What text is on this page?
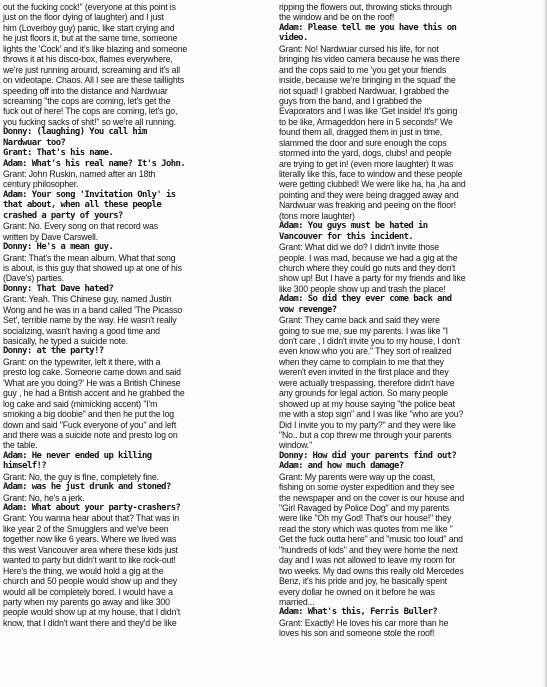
out the fucking cock!" (everyone at this point is
just on the floor dying of laughter) and I just
him (Loverboy guy) panic, like start crying and
he just floors it, but at the same time, someone
lights the 'Cock' and it's like blazing and someone
throws it at his disco-box, flames everywhere,
we're just running around, screaming and it's all
on videotape. Chaos. All I see are these taillights
speeding off into the distance and Nardwuar
screaming "the cops are coming, let's get the
fuck out of here! The cops are coming, let's go,
you fucking sacks of shit!" so we're all running.
Donny: (laughing) You call him
Nardwuar too?
Grant: That's his name.
Adam: What's his real name? It's John.
Grant: John Ruskin, named after an 18th
century philosopher.
Adam: Your song 'Invitation Only' is
that about, when all these people
crashed a party of yours?
Grant: No. Every song on that record was
written by Dave Carswell.
Donny: He's a mean guy.
Grant: That's the mean album. What that song
is about, is this guy that showed up at one of his
(Dave's) parties.
Donny: That Dave hated?
Grant: Yeah. This Chinese guy, named Justin
Wong and he was in a band called 'The Picasso
Set', terrible name by the way. He wasn't really
socializing, wasn't having a good time and
basically, he typed a suicide note.
Donny: at the party!?
Grant: on the typewriter, left it there, with a
presto log cake. Someone came down and said
'What are you doing?' He was a British Chinese
guy , he had a British accent and he grabbed the
log cake and said (mimicking accent) "I'm
smoking a big doobie" and then he put the log
down and said "Fuck everyone of you" and left
and there was a suicide note and presto log on
the table.
Adam: He never ended up killing
himself!?
Grant: No, the guy is fine, completely fine.
Adam: was he just drunk and stoned?
Grant: No, he's a jerk.
Adam: What about your party-crashers?
Grant: You wanna hear about that? That was in
like year 2 of the Smugglers and we've been
together now like 6 years. Where we lived was
this west Vancouver area where these kids just
wanted to party but didn't want to like rock-out!
Here's the thing, we would hold a gig at the
church and 50 people would show up and they
would all be completely bored. I would have a
party when my parents go away and like 300
people would show up at my house, that I didn't
know, that I didn't want there and they'd be like
ripping the flowers out, throwing sticks through
the window and be on the roof!
Adam: Please tell me you have this on
video.
Grant: No! Nardwuar cursed his life, for not
bringing his video camera because he was there
and the cops said to me 'you get your friends
inside, because we're bringing in the squad' the
riot squad! I grabbed Nardwuar, I grabbed the
guys from the band, and I grabbed the
Evaporators and I was like 'Get inside! It's going
to be like, Armageddon here in 5 seconds!' We
found them all, dragged them in just in time,
slammed the door and sure enough the cops
stormed into the yard, dogs, clubs! and people
are trying to get in! (even more laughter) It was
literally like this, face to window and these people
were getting clubbed! We were like ha, ha ,ha and
pointing and they were being dragged away and
Nardwuar was freaking and peeing on the floor!
(tons more laughter)
Adam: You guys must be hated in
Vancouver for this incident.
Grant: What did we do? I didn't invite those
people. I was mad, because we had a gig at the
church where they could go nuts and they don't
show up! But I have a party for my friends and like
like 300 people show up and trash the place!
Adam: So did they ever come back and
vow revenge?
Grant: They came back and said they were
going to sue me, sue my parents. I was like "I
don't care , I didn't invite you to my house, I don't
even know who you are." They sort of realized
when they came to complain to me that they
weren't even invited in the first place and they
were actually trespassing, therefore didn't have
any grounds for legal action. So many people
showed up at my house saying "the police beat
me with a stop sign" and I was like "who are you?
Did I invite you to my party?" and they were like
"No.. but a cop threw me through your parents
window."
Donny: How did your parents find out?
Adam: and how much damage?
Grant: My parents were way up the coast,
fishing on some oyster expedition and they see
the newspaper and on the cover is our house and
"Girl Ravaged by Police Dog" and my parents
were like "Oh my God! That's our house!" they
read the story which was quotes from me like "
Get the fuck outta here" and "music too loud" and
"hundreds of kids" and they were home the next
day and I was not allowed to leave my room for
two weeks. My dad owns this really old Mercedes
Benz, it's his pride and joy, he basically spent
every dollar he owned on it before he was
married...
Adam: What's this, Ferris Buller?
Grant: Exactly! He loves his car more than he
loves his son and someone stole the roof!
